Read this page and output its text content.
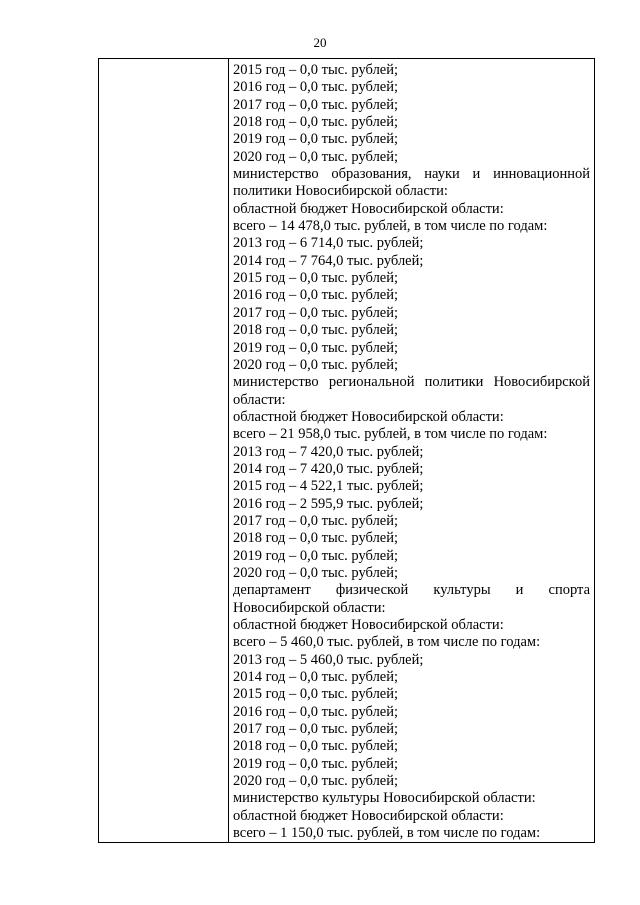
20
2015 год – 0,0 тыс. рублей;
2016 год – 0,0 тыс. рублей;
2017 год – 0,0 тыс. рублей;
2018 год – 0,0 тыс. рублей;
2019 год – 0,0 тыс. рублей;
2020 год – 0,0 тыс. рублей;
министерство образования, науки и инновационной
политики Новосибирской области:
областной бюджет Новосибирской области:
всего – 14 478,0 тыс. рублей, в том числе по годам:
2013 год – 6 714,0 тыс. рублей;
2014 год – 7 764,0 тыс. рублей;
2015 год – 0,0 тыс. рублей;
2016 год – 0,0 тыс. рублей;
2017 год – 0,0 тыс. рублей;
2018 год – 0,0 тыс. рублей;
2019 год – 0,0 тыс. рублей;
2020 год – 0,0 тыс. рублей;
министерство региональной политики Новосибирской
области:
областной бюджет Новосибирской области:
всего – 21 958,0 тыс. рублей, в том числе по годам:
2013 год – 7 420,0 тыс. рублей;
2014 год – 7 420,0 тыс. рублей;
2015 год – 4 522,1 тыс. рублей;
2016 год – 2 595,9 тыс. рублей;
2017 год – 0,0 тыс. рублей;
2018 год – 0,0 тыс. рублей;
2019 год – 0,0 тыс. рублей;
2020 год – 0,0 тыс. рублей;
департамент физической культуры и спорта
Новосибирской области:
областной бюджет Новосибирской области:
всего – 5 460,0 тыс. рублей, в том числе по годам:
2013 год – 5 460,0 тыс. рублей;
2014 год – 0,0 тыс. рублей;
2015 год – 0,0 тыс. рублей;
2016 год – 0,0 тыс. рублей;
2017 год – 0,0 тыс. рублей;
2018 год – 0,0 тыс. рублей;
2019 год – 0,0 тыс. рублей;
2020 год – 0,0 тыс. рублей;
министерство культуры Новосибирской области:
областной бюджет Новосибирской области:
всего – 1 150,0 тыс. рублей, в том числе по годам:
